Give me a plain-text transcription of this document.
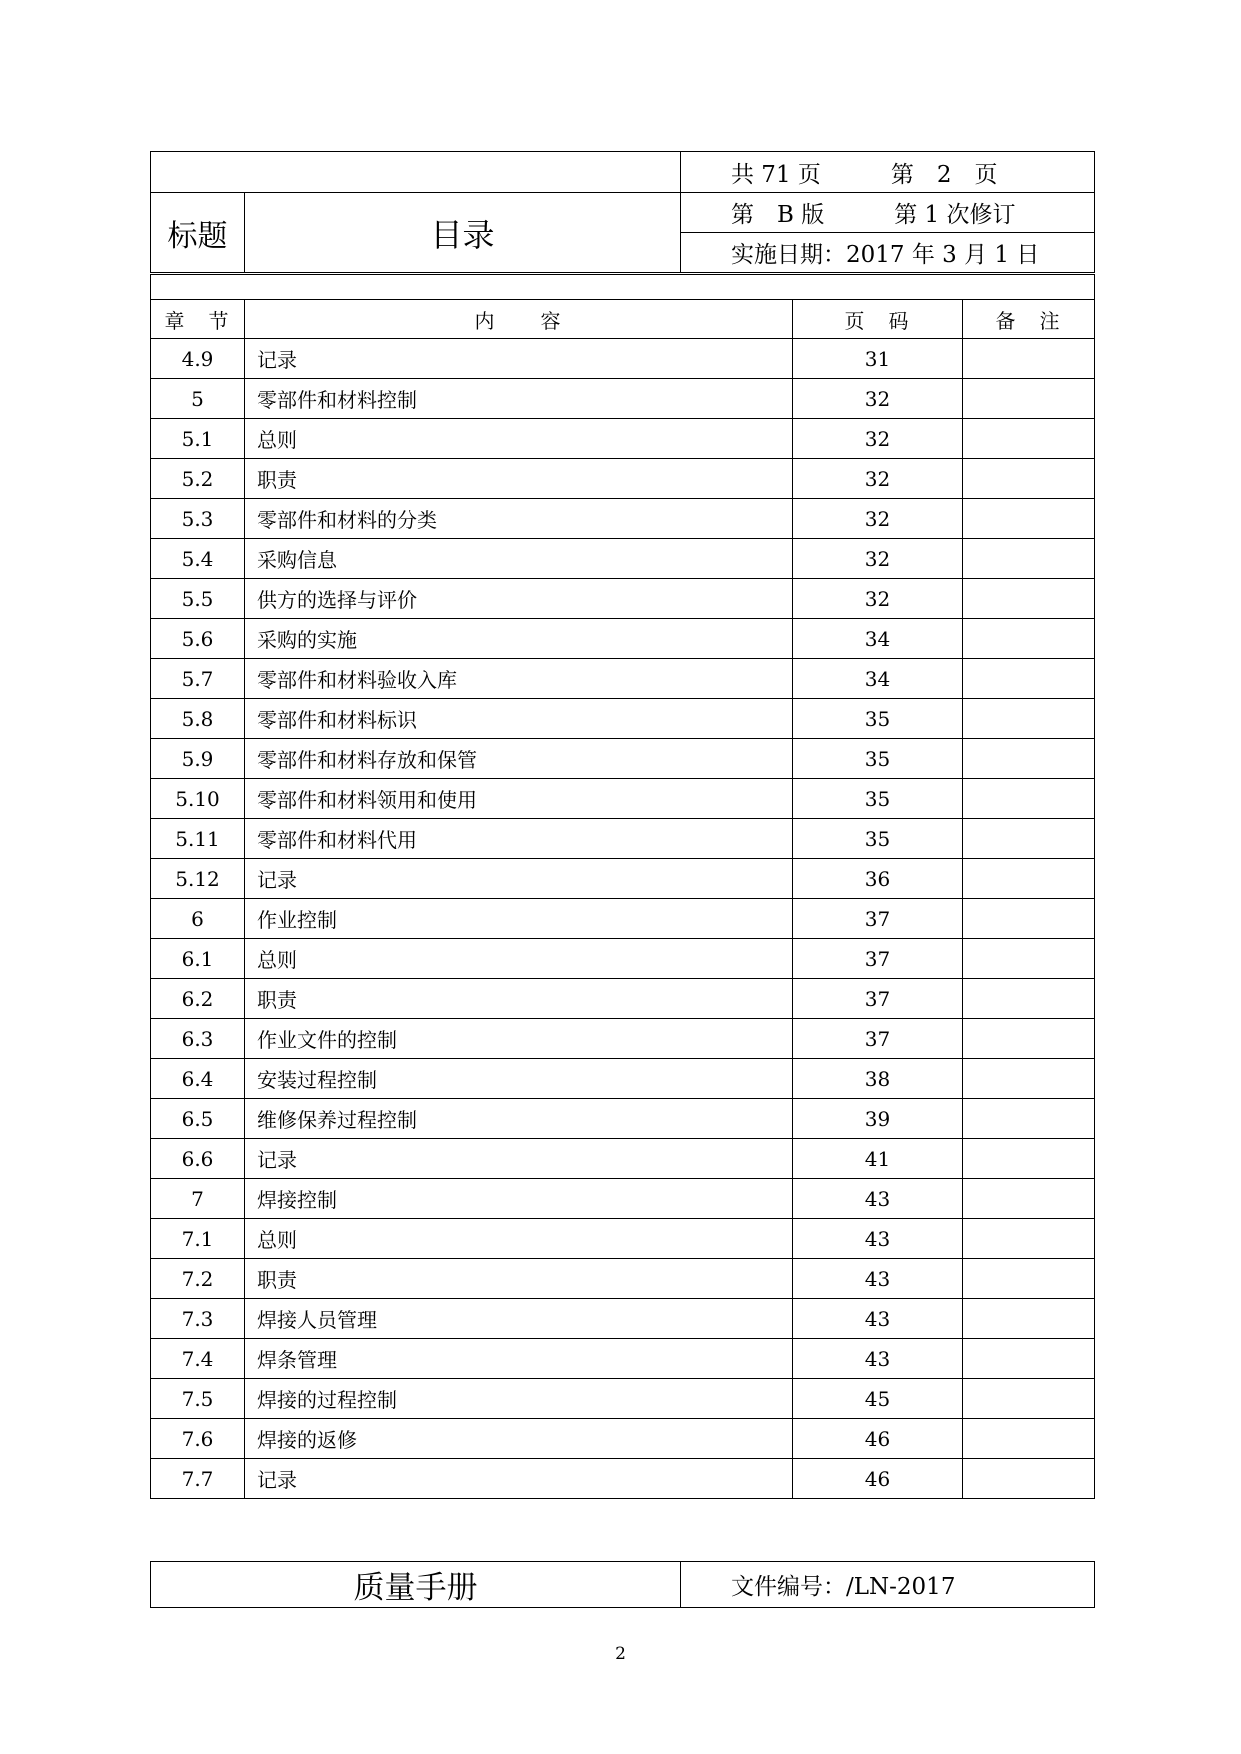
		共 71 页 第　2　页
标题	目录	第　B 版 第 1 次修订
		实施日期：2017 年 3 月 1 日

章　节	内　　容	页　码	备　注
4.9	记录	31	
5	零部件和材料控制	32	
5.1	总则	32	
5.2	职责	32	
5.3	零部件和材料的分类	32	
5.4	采购信息	32	
5.5	供方的选择与评价	32	
5.6	采购的实施	34	
5.7	零部件和材料验收入库	34	
5.8	零部件和材料标识	35	
5.9	零部件和材料存放和保管	35	
5.10	零部件和材料领用和使用	35	
5.11	零部件和材料代用	35	
5.12	记录	36	
6	作业控制	37	
6.1	总则	37	
6.2	职责	37	
6.3	作业文件的控制	37	
6.4	安装过程控制	38	
6.5	维修保养过程控制	39	
6.6	记录	41	
7	焊接控制	43	
7.1	总则	43	
7.2	职责	43	
7.3	焊接人员管理	43	
7.4	焊条管理	43	
7.5	焊接的过程控制	45	
7.6	焊接的返修	46	
7.7	记录	46	
质量手册	文件编号：/LN-2017
2
